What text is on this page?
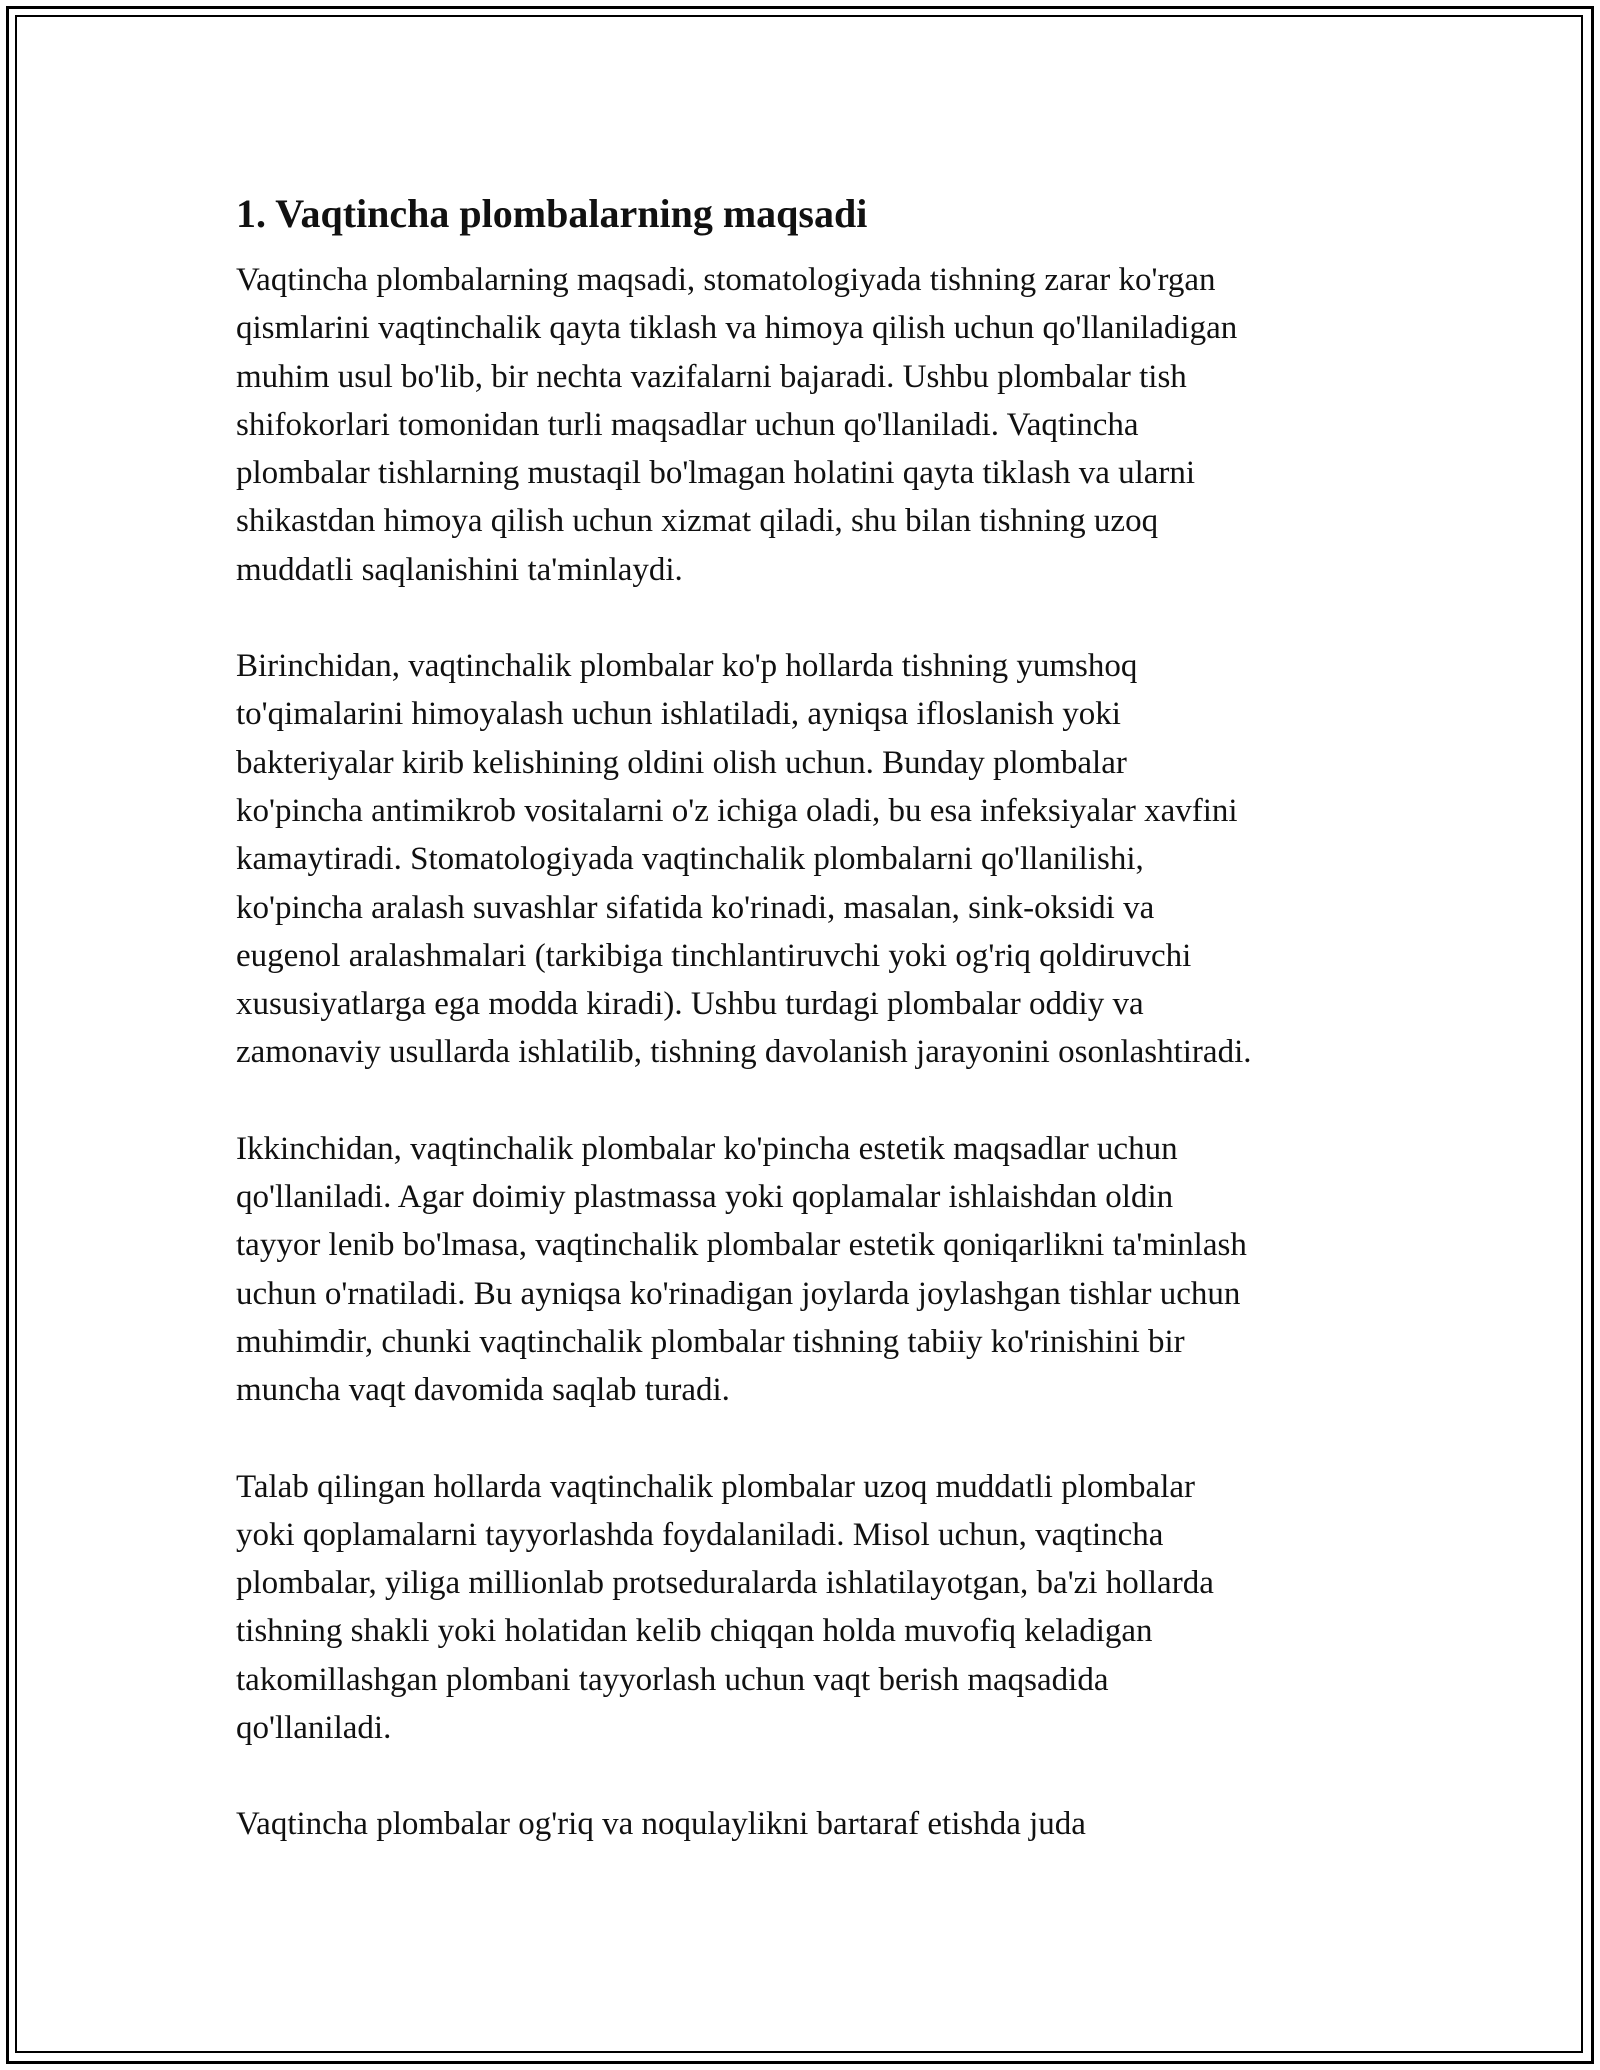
1. Vaqtincha plombalarning maqsadi
Vaqtincha plombalarning maqsadi, stomatologiyada tishning zarar ko'rgan
qismlarini vaqtinchalik qayta tiklash va himoya qilish uchun qo'llaniladigan
muhim usul bo'lib, bir nechta vazifalarni bajaradi. Ushbu plombalar tish
shifokorlari tomonidan turli maqsadlar uchun qo'llaniladi. Vaqtincha
plombalar tishlarning mustaqil bo'lmagan holatini qayta tiklash va ularni
shikastdan himoya qilish uchun xizmat qiladi, shu bilan tishning uzoq
muddatli saqlanishini ta'minlaydi.
Birinchidan, vaqtinchalik plombalar ko'p hollarda tishning yumshoq
to'qimalarini himoyalash uchun ishlatiladi, ayniqsa ifloslanish yoki
bakteriyalar kirib kelishining oldini olish uchun. Bunday plombalar
ko'pincha antimikrob vositalarni o'z ichiga oladi, bu esa infeksiyalar xavfini
kamaytiradi. Stomatologiyada vaqtinchalik plombalarni qo'llanilishi,
ko'pincha aralash suvashlar sifatida ko'rinadi, masalan, sink-oksidi va
eugenol aralashmalari (tarkibiga tinchlantiruvchi yoki og'riq qoldiruvchi
xususiyatlarga ega modda kiradi). Ushbu turdagi plombalar oddiy va
zamonaviy usullarda ishlatilib, tishning davolanish jarayonini osonlashtiradi.
Ikkinchidan, vaqtinchalik plombalar ko'pincha estetik maqsadlar uchun
qo'llaniladi. Agar doimiy plastmassa yoki qoplamalar ishlaishdan oldin
tayyor lenib bo'lmasa, vaqtinchalik plombalar estetik qoniqarlikni ta'minlash
uchun o'rnatiladi. Bu ayniqsa ko'rinadigan joylarda joylashgan tishlar uchun
muhimdir, chunki vaqtinchalik plombalar tishning tabiiy ko'rinishini bir
muncha vaqt davomida saqlab turadi.
Talab qilingan hollarda vaqtinchalik plombalar uzoq muddatli plombalar
yoki qoplamalarni tayyorlashda foydalaniladi. Misol uchun, vaqtincha
plombalar, yiliga millionlab protseduralarda ishlatilayotgan, ba'zi hollarda
tishning shakli yoki holatidan kelib chiqqan holda muvofiq keladigan
takomillashgan plombani tayyorlash uchun vaqt berish maqsadida
qo'llaniladi.
Vaqtincha plombalar og'riq va noqulaylikni bartaraf etishda juda
